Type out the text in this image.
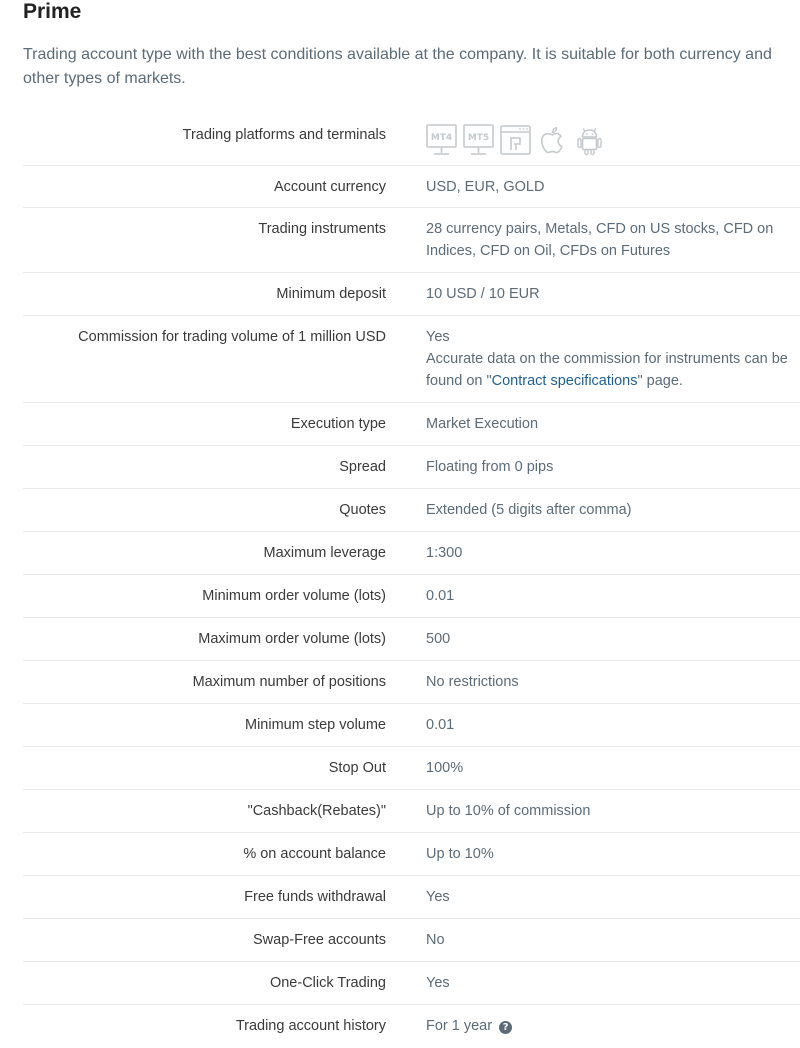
Prime

Trading account type with the best conditions available at the company. It is suitable for both currency and other types of markets.

Trading platforms and terminals	MT4 MT5
Account currency	USD, EUR, GOLD
Trading instruments	28 currency pairs, Metals, CFD on US stocks, CFD on
Indices, CFD on Oil, CFDs on Futures
Minimum deposit	10 USD / 10 EUR
Commission for trading volume of 1 million USD	Yes
Accurate data on the commission for instruments can be
found on "Contract specifications" page.
Execution type	Market Execution
Spread	Floating from 0 pips
Quotes	Extended (5 digits after comma)
Maximum leverage	1:300
Minimum order volume (lots)	0.01
Maximum order volume (lots)	500
Maximum number of positions	No restrictions
Minimum step volume	0.01
Stop Out	100%
"Cashback(Rebates)"	Up to 10% of commission
% on account balance	Up to 10%
Free funds withdrawal	Yes
Swap-Free accounts	No
One-Click Trading	Yes
Trading account history	For 1 year ?
